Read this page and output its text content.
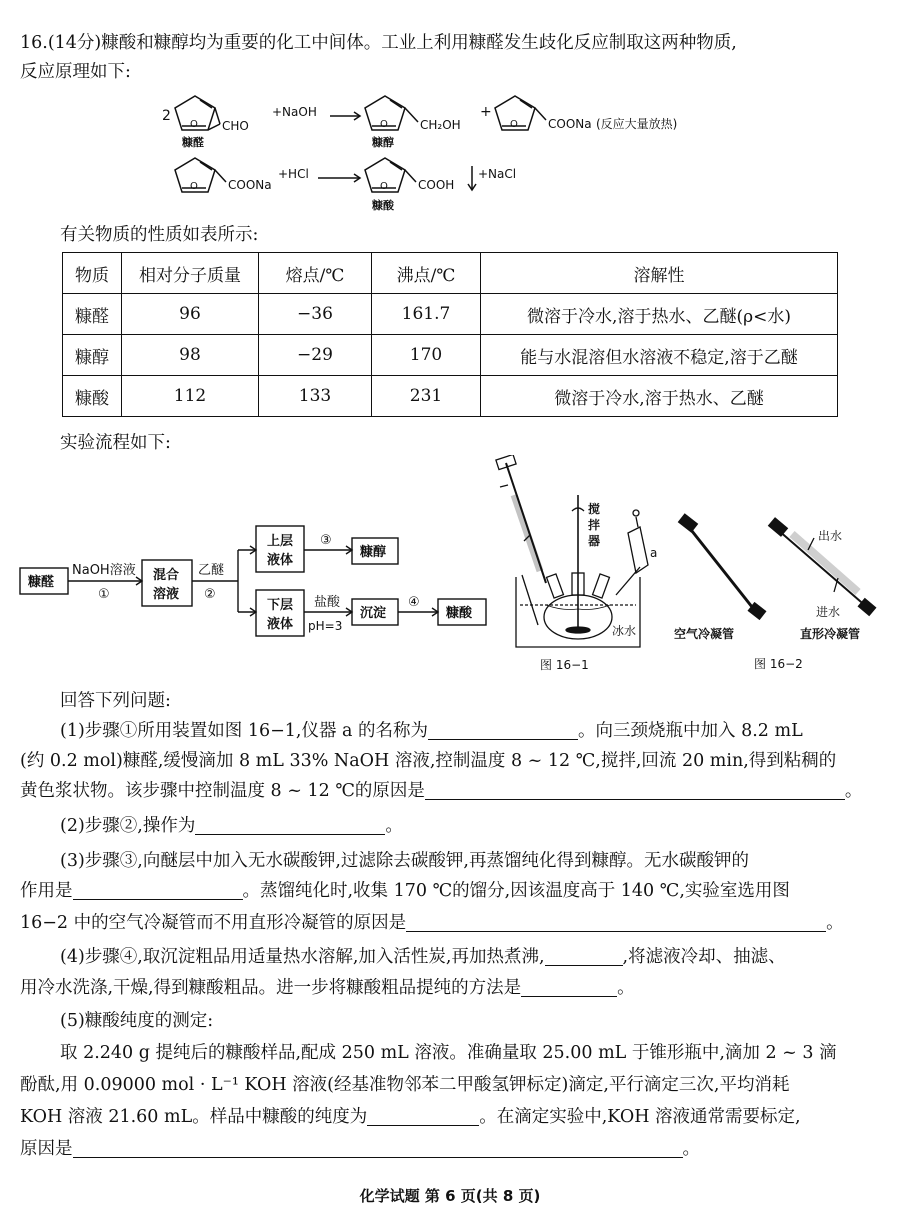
16.(14分)糠酸和糠醇均为重要的化工中间体。工业上利用糠醛发生歧化反应制取这两种物质,
反应原理如下:
2
O CHO
+NaOH
糠醛
O	CH₂OH
糠醇
+
O	COONa (反应大量放热)
O	COONa
+HCl
O	COOH
+NaCl
糠酸
有关物质的性质如表所示:
物质	相对分子质量	熔点/℃	沸点/℃	溶解性
糠醛	96	−36	161.7	微溶于冷水,溶于热水、乙醚(ρ<水)
糠醇	98	−29	170	能与水混溶但水溶液不稳定,溶于乙醚
糠酸	112	133	231	微溶于冷水,溶于热水、乙醚
实验流程如下:
糠醛
NaOH溶液
①
混合
溶液
乙醚
②
上层
液体
③
糠醇
下层
液体
盐酸
pH=3
沉淀
④
糠酸
搅
拌
器
a
冰水
图 16−1
出水
进水
空气冷凝管	直形冷凝管
图 16−2
回答下列问题:
(1)步骤①所用装置如图 16−1,仪器 a 的名称为	。向三颈烧瓶中加入 8.2 mL
(约 0.2 mol)糠醛,缓慢滴加 8 mL 33% NaOH 溶液,控制温度 8 ~ 12 ℃,搅拌,回流 20 min,得到粘稠的
黄色浆状物。该步骤中控制温度 8 ~ 12 ℃的原因是	。
(2)步骤②,操作为	。
(3)步骤③,向醚层中加入无水碳酸钾,过滤除去碳酸钾,再蒸馏纯化得到糠醇。无水碳酸钾的
作用是	。蒸馏纯化时,收集 170 ℃的馏分,因该温度高于 140 ℃,实验室选用图
16−2 中的空气冷凝管而不用直形冷凝管的原因是	。
(4)步骤④,取沉淀粗品用适量热水溶解,加入活性炭,再加热煮沸,	,将滤液冷却、抽滤、
用冷水洗涤,干燥,得到糠酸粗品。进一步将糠酸粗品提纯的方法是	。
(5)糠酸纯度的测定:
取 2.240 g 提纯后的糠酸样品,配成 250 mL 溶液。准确量取 25.00 mL 于锥形瓶中,滴加 2 ~ 3 滴
酚酞,用 0.09000 mol · L⁻¹ KOH 溶液(经基准物邻苯二甲酸氢钾标定)滴定,平行滴定三次,平均消耗
KOH 溶液 21.60 mL。样品中糠酸的纯度为	。在滴定实验中,KOH 溶液通常需要标定,
原因是	。
化学试题 第 6 页(共 8 页)
